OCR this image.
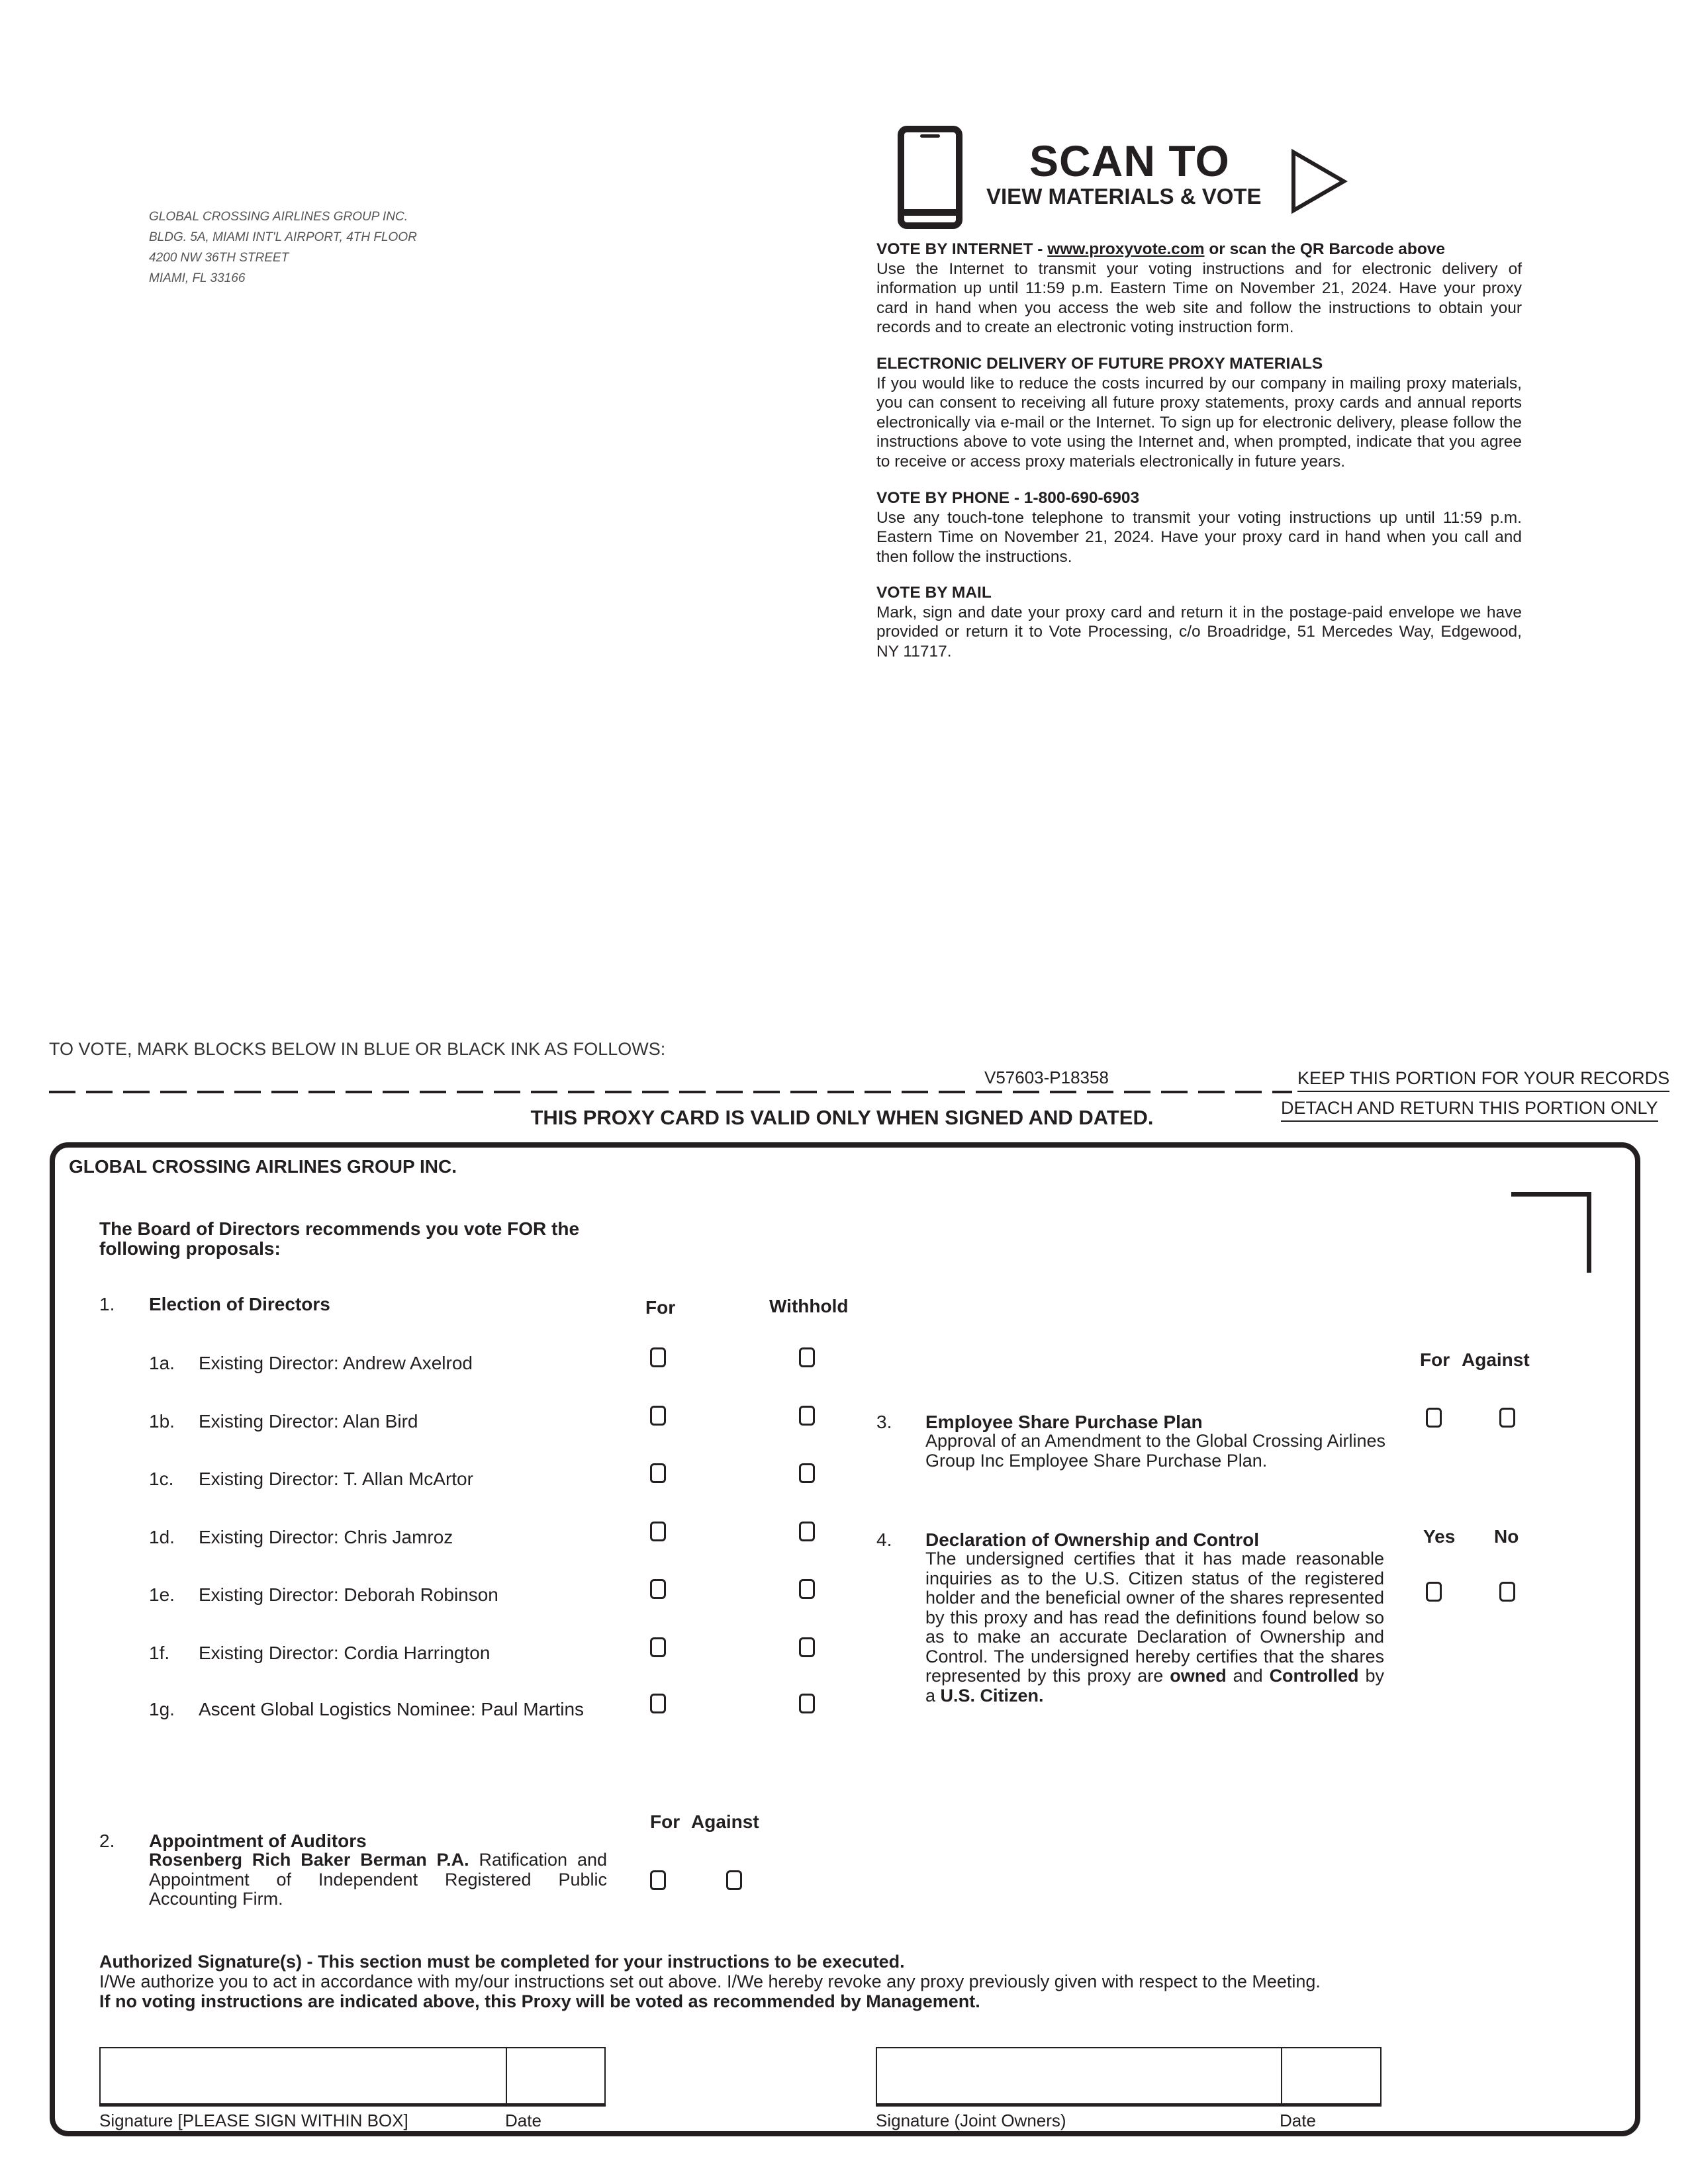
GLOBAL CROSSING AIRLINES GROUP INC.
BLDG. 5A, MIAMI INT'L AIRPORT, 4TH FLOOR
4200 NW 36TH STREET
MIAMI, FL 33166
SCAN TO
VIEW MATERIALS & VOTE
VOTE BY INTERNET - www.proxyvote.com or scan the QR Barcode above
Use the Internet to transmit your voting instructions and for electronic delivery of information up until 11:59 p.m. Eastern Time on November 21, 2024. Have your proxy card in hand when you access the web site and follow the instructions to obtain your records and to create an electronic voting instruction form.
ELECTRONIC DELIVERY OF FUTURE PROXY MATERIALS
If you would like to reduce the costs incurred by our company in mailing proxy materials, you can consent to receiving all future proxy statements, proxy cards and annual reports electronically via e-mail or the Internet. To sign up for electronic delivery, please follow the instructions above to vote using the Internet and, when prompted, indicate that you agree to receive or access proxy materials electronically in future years.
VOTE BY PHONE - 1-800-690-6903
Use any touch-tone telephone to transmit your voting instructions up until 11:59 p.m. Eastern Time on November 21, 2024. Have your proxy card in hand when you call and then follow the instructions.
VOTE BY MAIL
Mark, sign and date your proxy card and return it in the postage-paid envelope we have provided or return it to Vote Processing, c/o Broadridge, 51 Mercedes Way, Edgewood, NY 11717.
TO VOTE, MARK BLOCKS BELOW IN BLUE OR BLACK INK AS FOLLOWS:
V57603-P18358	KEEP THIS PORTION FOR YOUR RECORDS
THIS PROXY CARD IS VALID ONLY WHEN SIGNED AND DATED.	DETACH AND RETURN THIS PORTION ONLY
GLOBAL CROSSING AIRLINES GROUP INC.
The Board of Directors recommends you vote FOR the following proposals:
1. Election of Directors	For	Withhold
1a. Existing Director: Andrew Axelrod
1b. Existing Director: Alan Bird
1c. Existing Director: T. Allan McArtor
1d. Existing Director: Chris Jamroz
1e. Existing Director: Deborah Robinson
1f. Existing Director: Cordia Harrington
1g. Ascent Global Logistics Nominee: Paul Martins
For Against
2. Appointment of Auditors
Rosenberg Rich Baker Berman P.A. Ratification and Appointment of Independent Registered Public Accounting Firm.
For Against
3. Employee Share Purchase Plan
Approval of an Amendment to the Global Crossing Airlines Group Inc Employee Share Purchase Plan.
Yes No
4. Declaration of Ownership and Control
The undersigned certifies that it has made reasonable inquiries as to the U.S. Citizen status of the registered holder and the beneficial owner of the shares represented by this proxy and has read the definitions found below so as to make an accurate Declaration of Ownership and Control. The undersigned hereby certifies that the shares represented by this proxy are owned and Controlled by a U.S. Citizen.
Authorized Signature(s) - This section must be completed for your instructions to be executed.
I/We authorize you to act in accordance with my/our instructions set out above. I/We hereby revoke any proxy previously given with respect to the Meeting.
If no voting instructions are indicated above, this Proxy will be voted as recommended by Management.
Signature [PLEASE SIGN WITHIN BOX]	Date	Signature (Joint Owners)	Date
